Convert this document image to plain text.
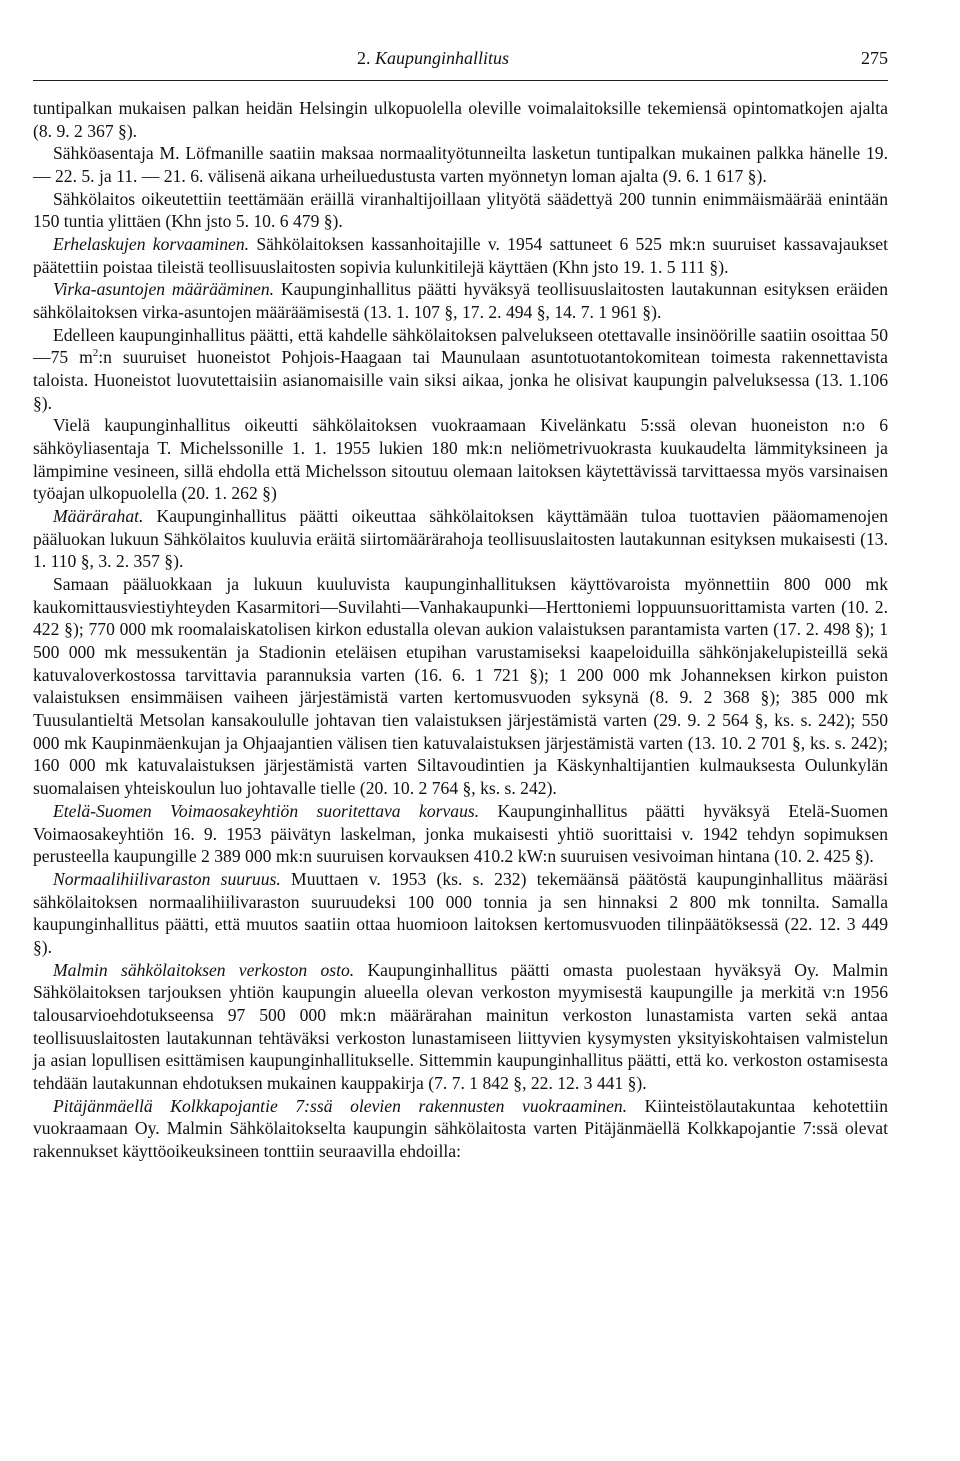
2. Kaupunginhallitus	275

tuntipalkan mukaisen palkan heidän Helsingin ulkopuolella oleville voimalaitoksille tekemiensä opintomatkojen ajalta (8. 9. 2 367 §).

Sähköasentaja M. Löfmanille saatiin maksaa normaalityötunneilta lasketun tuntipalkan mukainen palkka hänelle 19. — 22. 5. ja 11. — 21. 6. välisenä aikana urheiluedustusta varten myönnetyn loman ajalta (9. 6. 1 617 §).

Sähkölaitos oikeutettiin teettämään eräillä viranhaltijoillaan ylityötä säädettyä 200 tunnin enimmäismäärää enintään 150 tuntia ylittäen (Khn jsto 5. 10. 6 479 §).

Erhelaskujen korvaaminen. Sähkölaitoksen kassanhoitajille v. 1954 sattuneet 6 525 mk:n suuruiset kassavajaukset päätettiin poistaa tileistä teollisuuslaitosten sopivia kulunkitilejä käyttäen (Khn jsto 19. 1. 5 111 §).

Virka-asuntojen määrääminen. Kaupunginhallitus päätti hyväksyä teollisuuslaitosten lautakunnan esityksen eräiden sähkölaitoksen virka-asuntojen määräämisestä (13. 1. 107 §, 17. 2. 494 §, 14. 7. 1 961 §).

Edelleen kaupunginhallitus päätti, että kahdelle sähkölaitoksen palvelukseen otettavalle insinöörille saatiin osoittaa 50—75 $m^2:n$ suuruiset huoneistot Pohjois-Haagaan tai Maunulaan asuntotuotantokomitean toimesta rakennettavista taloista. Huoneistot luovutettaisiin asianomaisille vain siksi aikaa, jonka he olisivat kaupungin palveluksessa (13. 1.106 §).

Vielä kaupunginhallitus oikeutti sähkölaitoksen vuokraamaan Kivelänkatu 5:ssä olevan huoneiston n:o 6 sähköyliasentaja T. Michelssonille 1. 1. 1955 lukien 180 mk:n neliömetrivuokrasta kuukaudelta lämmityksineen ja lämpimine vesineen, sillä ehdolla että Michelsson sitoutuu olemaan laitoksen käytettävissä tarvittaessa myös varsinaisen työajan ulkopuolella (20. 1. 262 §)

Määrärahat. Kaupunginhallitus päätti oikeuttaa sähkölaitoksen käyttämään tuloa tuottavien pääomamenojen pääluokan lukuun Sähkölaitos kuuluvia eräitä siirtomäärärahoja teollisuuslaitosten lautakunnan esityksen mukaisesti (13. 1. 110 §, 3. 2. 357 §).

Samaan pääluokkaan ja lukuun kuuluvista kaupunginhallituksen käyttövaroista myönnettiin 800 000 mk kaukomittausviestiyhteyden Kasarmitori—Suvilahti—Vanhakaupunki—Herttoniemi loppuunsuorittamista varten (10. 2. 422 §); 770 000 mk roomalaiskatolisen kirkon edustalla olevan aukion valaistuksen parantamista varten (17. 2. 498 §); 1 500 000 mk messukentän ja Stadionin eteläisen etupihan varustamiseksi kaapeloiduilla sähkönjakelupisteillä sekä katuvaloverkostossa tarvittavia parannuksia varten (16. 6. 1 721 §); 1 200 000 mk Johanneksen kirkon puiston valaistuksen ensimmäisen vaiheen järjestämistä varten kertomusvuoden syksynä (8. 9. 2 368 §); 385 000 mk Tuusulantieltä Metsolan kansakoululle johtavan tien valaistuksen järjestämistä varten (29. 9. 2 564 §, ks. s. 242); 550 000 mk Kaupinmäenkujan ja Ohjaajantien välisen tien katuvalaistuksen järjestämistä varten (13. 10. 2 701 §, ks. s. 242); 160 000 mk katuvalaistuksen järjestämistä varten Siltavoudintien ja Käskynhaltijantien kulmauksesta Oulunkylän suomalaisen yhteiskoulun luo johtavalle tielle (20. 10. 2 764 §, ks. s. 242).

Etelä-Suomen Voimaosakeyhtiön suoritettava korvaus. Kaupunginhallitus päätti hyväksyä Etelä-Suomen Voimaosakeyhtiön 16. 9. 1953 päivätyn laskelman, jonka mukaisesti yhtiö suorittaisi v. 1942 tehdyn sopimuksen perusteella kaupungille 2 389 000 mk:n suuruisen korvauksen 410.2 kW:n suuruisen vesivoiman hintana (10. 2. 425 §).

Normaalihiilivaraston suuruus. Muuttaen v. 1953 (ks. s. 232) tekemäänsä päätöstä kaupunginhallitus määräsi sähkölaitoksen normaalihiilivaraston suuruudeksi 100 000 tonnia ja sen hinnaksi 2 800 mk tonnilta. Samalla kaupunginhallitus päätti, että muutos saatiin ottaa huomioon laitoksen kertomusvuoden tilinpäätöksessä (22. 12. 3 449 §).

Malmin sähkölaitoksen verkoston osto. Kaupunginhallitus päätti omasta puolestaan hyväksyä Oy. Malmin Sähkölaitoksen tarjouksen yhtiön kaupungin alueella olevan verkoston myymisestä kaupungille ja merkitä v:n 1956 talousarvioehdotukseensa 97 500 000 mk:n määrärahan mainitun verkoston lunastamista varten sekä antaa teollisuuslaitosten lautakunnan tehtäväksi verkoston lunastamiseen liittyvien kysymysten yksityiskohtaisen valmistelun ja asian lopullisen esittämisen kaupunginhallitukselle. Sittemmin kaupunginhallitus päätti, että ko. verkoston ostamisesta tehdään lautakunnan ehdotuksen mukainen kauppakirja (7. 7. 1 842 §, 22. 12. 3 441 §).

Pitäjänmäellä Kolkkapojantie 7:ssä olevien rakennusten vuokraaminen. Kiinteistölautakuntaa kehotettiin vuokraamaan Oy. Malmin Sähkölaitokselta kaupungin sähkölaitosta varten Pitäjänmäellä Kolkkapojantie 7:ssä olevat rakennukset käyttöoikeuksineen tonttiin seuraavilla ehdoilla:
